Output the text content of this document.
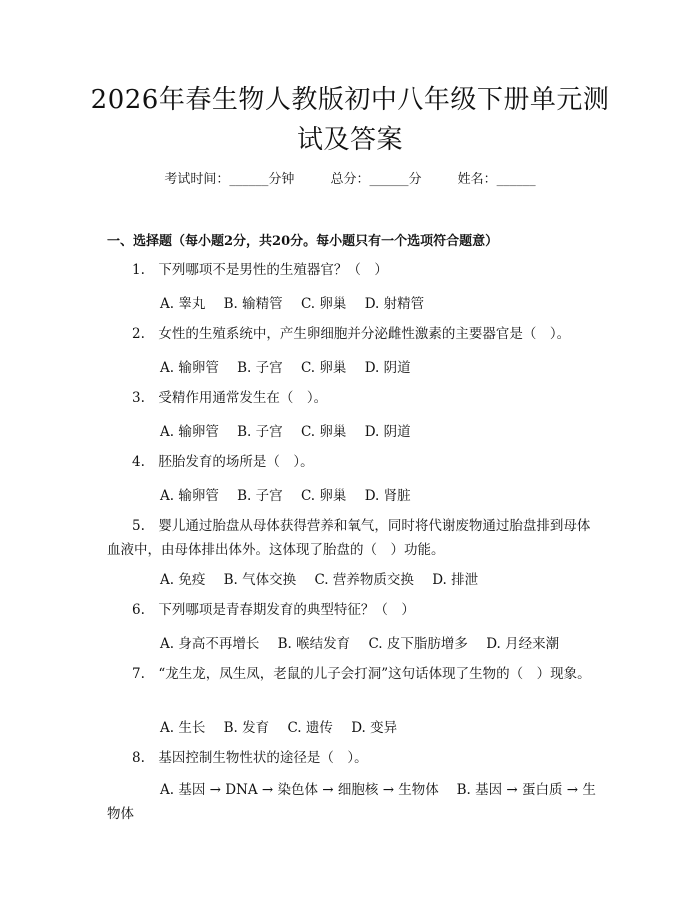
2026年春生物人教版初中八年级下册单元测试及答案
考试时间：______分钟	总分：______分	姓名：______
一、选择题（每小题2分，共20分。每小题只有一个选项符合题意）
1.　下列哪项不是男性的生殖器官？（　）
A. 睾丸 B. 输精管 C. 卵巢 D. 射精管
2.　女性的生殖系统中，产生卵细胞并分泌雌性激素的主要器官是（　）。
A. 输卵管 B. 子宫 C. 卵巢 D. 阴道
3.　受精作用通常发生在（　）。
A. 输卵管 B. 子宫 C. 卵巢 D. 阴道
4.　胚胎发育的场所是（　）。
A. 输卵管 B. 子宫 C. 卵巢 D. 肾脏
5.　婴儿通过胎盘从母体获得营养和氧气，同时将代谢废物通过胎盘排到母体血液中，由母体排出体外。这体现了胎盘的（　）功能。
A. 免疫 B. 气体交换 C. 营养物质交换 D. 排泄
6.　下列哪项是青春期发育的典型特征？（　）
A. 身高不再增长 B. 喉结发育 C. 皮下脂肪增多 D. 月经来潮
7.　“龙生龙，凤生凤，老鼠的儿子会打洞”这句话体现了生物的（　）现象。
A. 生长 B. 发育 C. 遗传 D. 变异
8.　基因控制生物性状的途径是（　）。
A. 基因 → DNA → 染色体 → 细胞核 → 生物体　 B. 基因 → 蛋白质 → 生物体
